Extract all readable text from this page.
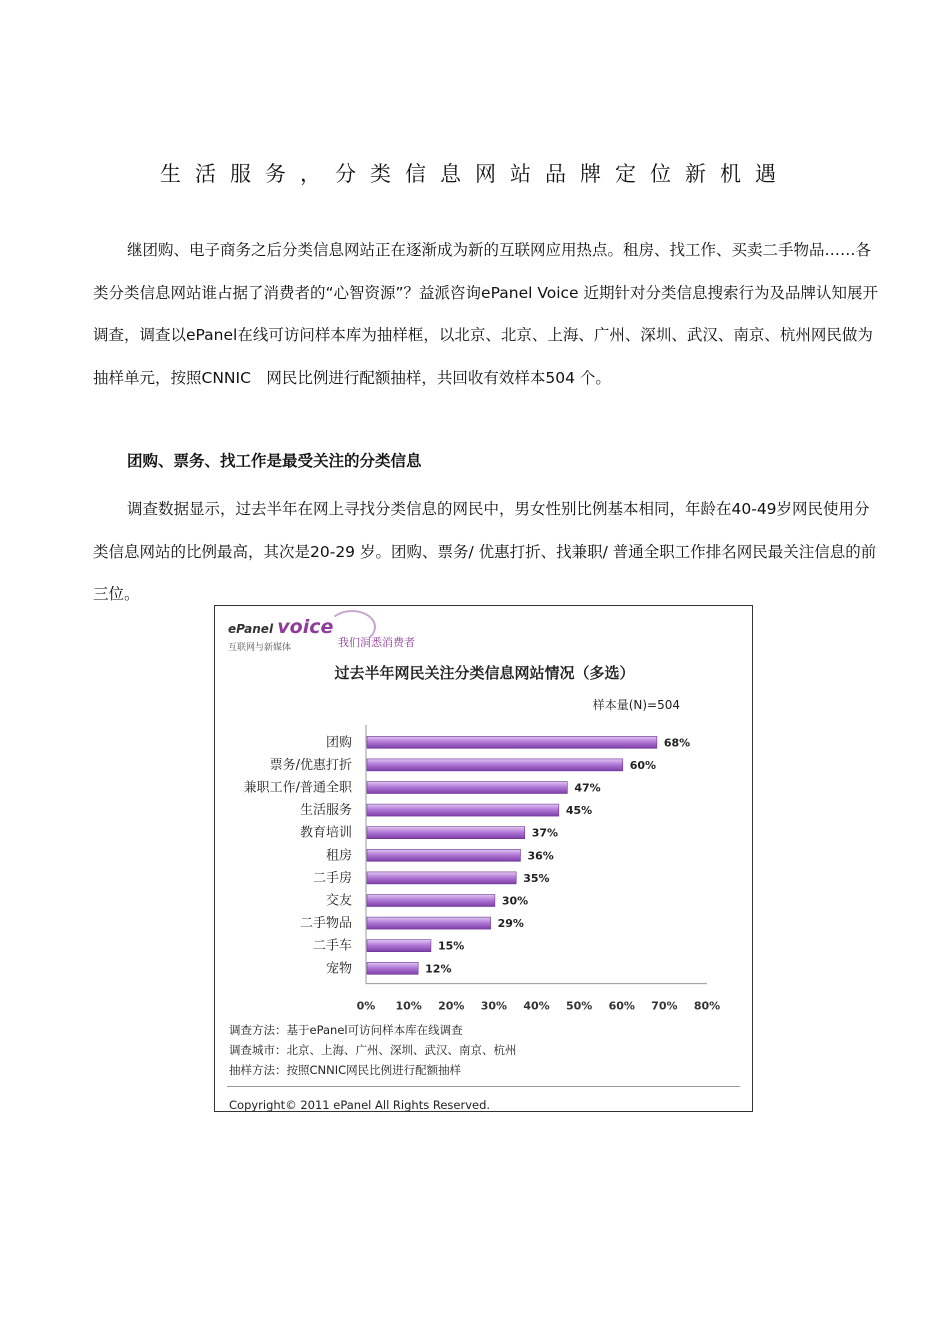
生活服务，分类信息网站品牌定位新机遇

继团购、电子商务之后分类信息网站正在逐渐成为新的互联网应用热点。租房、找工作、买卖二手物品……各类分类信息网站谁占据了消费者的“心智资源”？益派咨询ePanel Voice 近期针对分类信息搜索行为及品牌认知展开调查，调查以ePanel在线可访问样本库为抽样框，以北京、北京、上海、广州、深圳、武汉、南京、杭州网民做为抽样单元，按照CNNIC　网民比例进行配额抽样，共回收有效样本504 个。

团购、票务、找工作是最受关注的分类信息

调查数据显示，过去半年在网上寻找分类信息的网民中，男女性别比例基本相同，年龄在40-49岁网民使用分类信息网站的比例最高，其次是20-29 岁。团购、票务/ 优惠打折、找兼职/ 普通全职工作排名网民最关注信息的前三位。

ePanel voice
互联网与新媒体	我们洞悉消费者
过去半年网民关注分类信息网站情况（多选）
样本量(N)=504
团购	68%
票务/优惠打折	60%
兼职工作/普通全职	47%
生活服务	45%
教育培训	37%
租房	36%
二手房	35%
交友	30%
二手物品	29%
二手车	15%
宠物	12%
0% 10% 20% 30% 40% 50% 60% 70% 80%
调查方法：基于ePanel可访问样本库在线调查
调查城市：北京、上海、广州、深圳、武汉、南京、杭州
抽样方法：按照CNNIC网民比例进行配额抽样
Copyright© 2011 ePanel All Rights Reserved.
